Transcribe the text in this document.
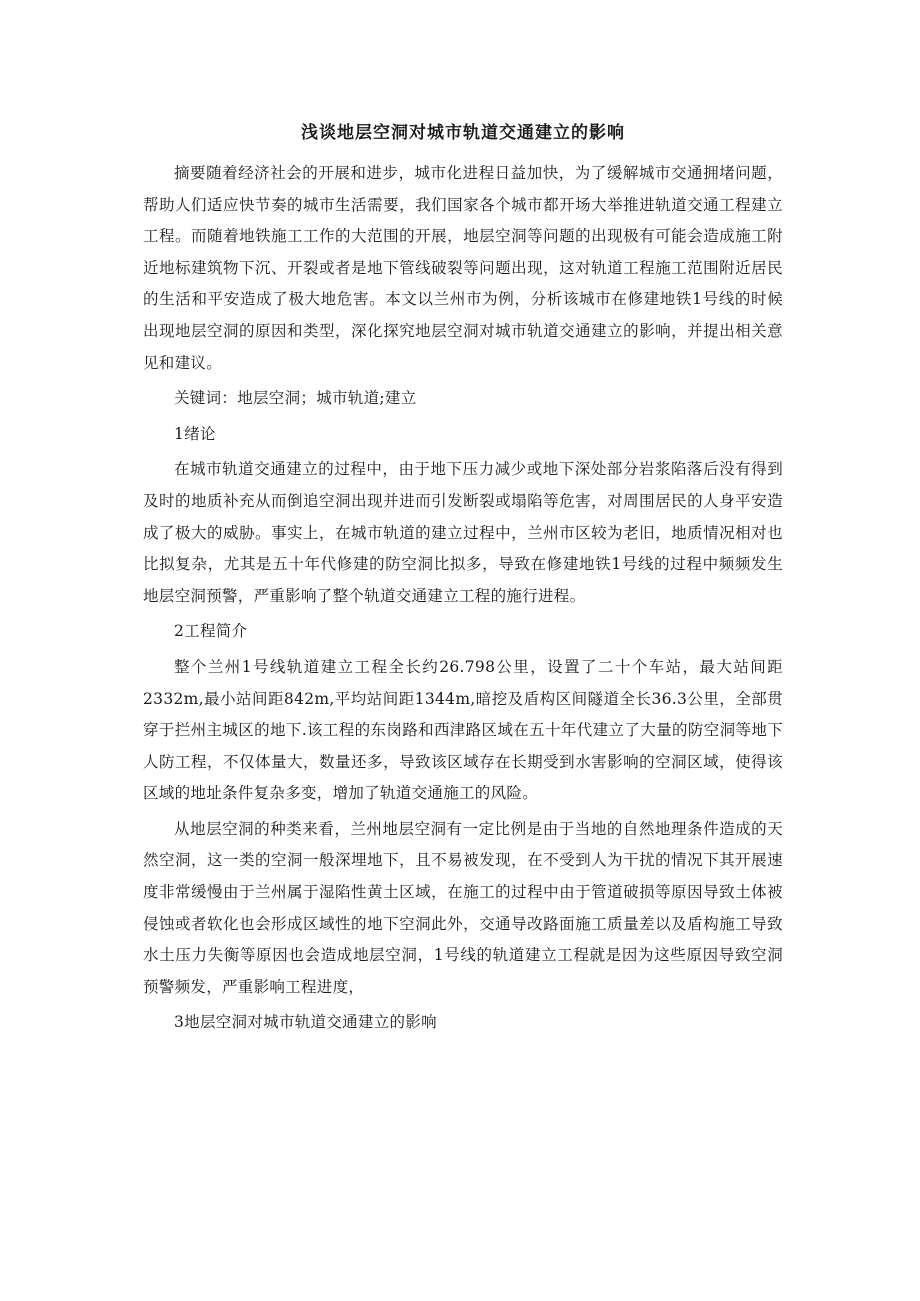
浅谈地层空洞对城市轨道交通建立的影响

摘要随着经济社会的开展和进步，城市化进程日益加快，为了缓解城市交通拥堵问题，帮助人们适应快节奏的城市生活需要，我们国家各个城市都开场大举推进轨道交通工程建立工程。而随着地铁施工工作的大范围的开展，地层空洞等问题的出现极有可能会造成施工附近地标建筑物下沉、开裂或者是地下管线破裂等问题出现，这对轨道工程施工范围附近居民的生活和平安造成了极大地危害。本文以兰州市为例，分析该城市在修建地铁1号线的时候出现地层空洞的原因和类型，深化探究地层空洞对城市轨道交通建立的影响，并提出相关意见和建议。

关键词：地层空洞；城市轨道;建立

1绪论

在城市轨道交通建立的过程中，由于地下压力减少或地下深处部分岩浆陷落后没有得到及时的地质补充从而倒追空洞出现并进而引发断裂或塌陷等危害，对周围居民的人身平安造成了极大的威胁。事实上，在城市轨道的建立过程中，兰州市区较为老旧，地质情况相对也比拟复杂，尤其是五十年代修建的防空洞比拟多，导致在修建地铁1号线的过程中频频发生地层空洞预警，严重影响了整个轨道交通建立工程的施行进程。

2工程简介

整个兰州1号线轨道建立工程全长约26.798公里，设置了二十个车站，最大站间距2332m,最小站间距842m,平均站间距1344m,暗挖及盾构区间隧道全长36.3公里，全部贯穿于拦州主城区的地下.该工程的东岗路和西津路区域在五十年代建立了大量的防空洞等地下人防工程，不仅体量大，数量还多，导致该区域存在长期受到水害影响的空洞区域，使得该区域的地址条件复杂多变，增加了轨道交通施工的风险。

从地层空洞的种类来看，兰州地层空洞有一定比例是由于当地的自然地理条件造成的天然空洞，这一类的空洞一般深埋地下，且不易被发现，在不受到人为干扰的情况下其开展速度非常缓慢由于兰州属于湿陷性黄土区域，在施工的过程中由于管道破损等原因导致土体被侵蚀或者软化也会形成区域性的地下空洞此外，交通导改路面施工质量差以及盾构施工导致水土压力失衡等原因也会造成地层空洞，1号线的轨道建立工程就是因为这些原因导致空洞预警频发，严重影响工程进度，

3地层空洞对城市轨道交通建立的影响
